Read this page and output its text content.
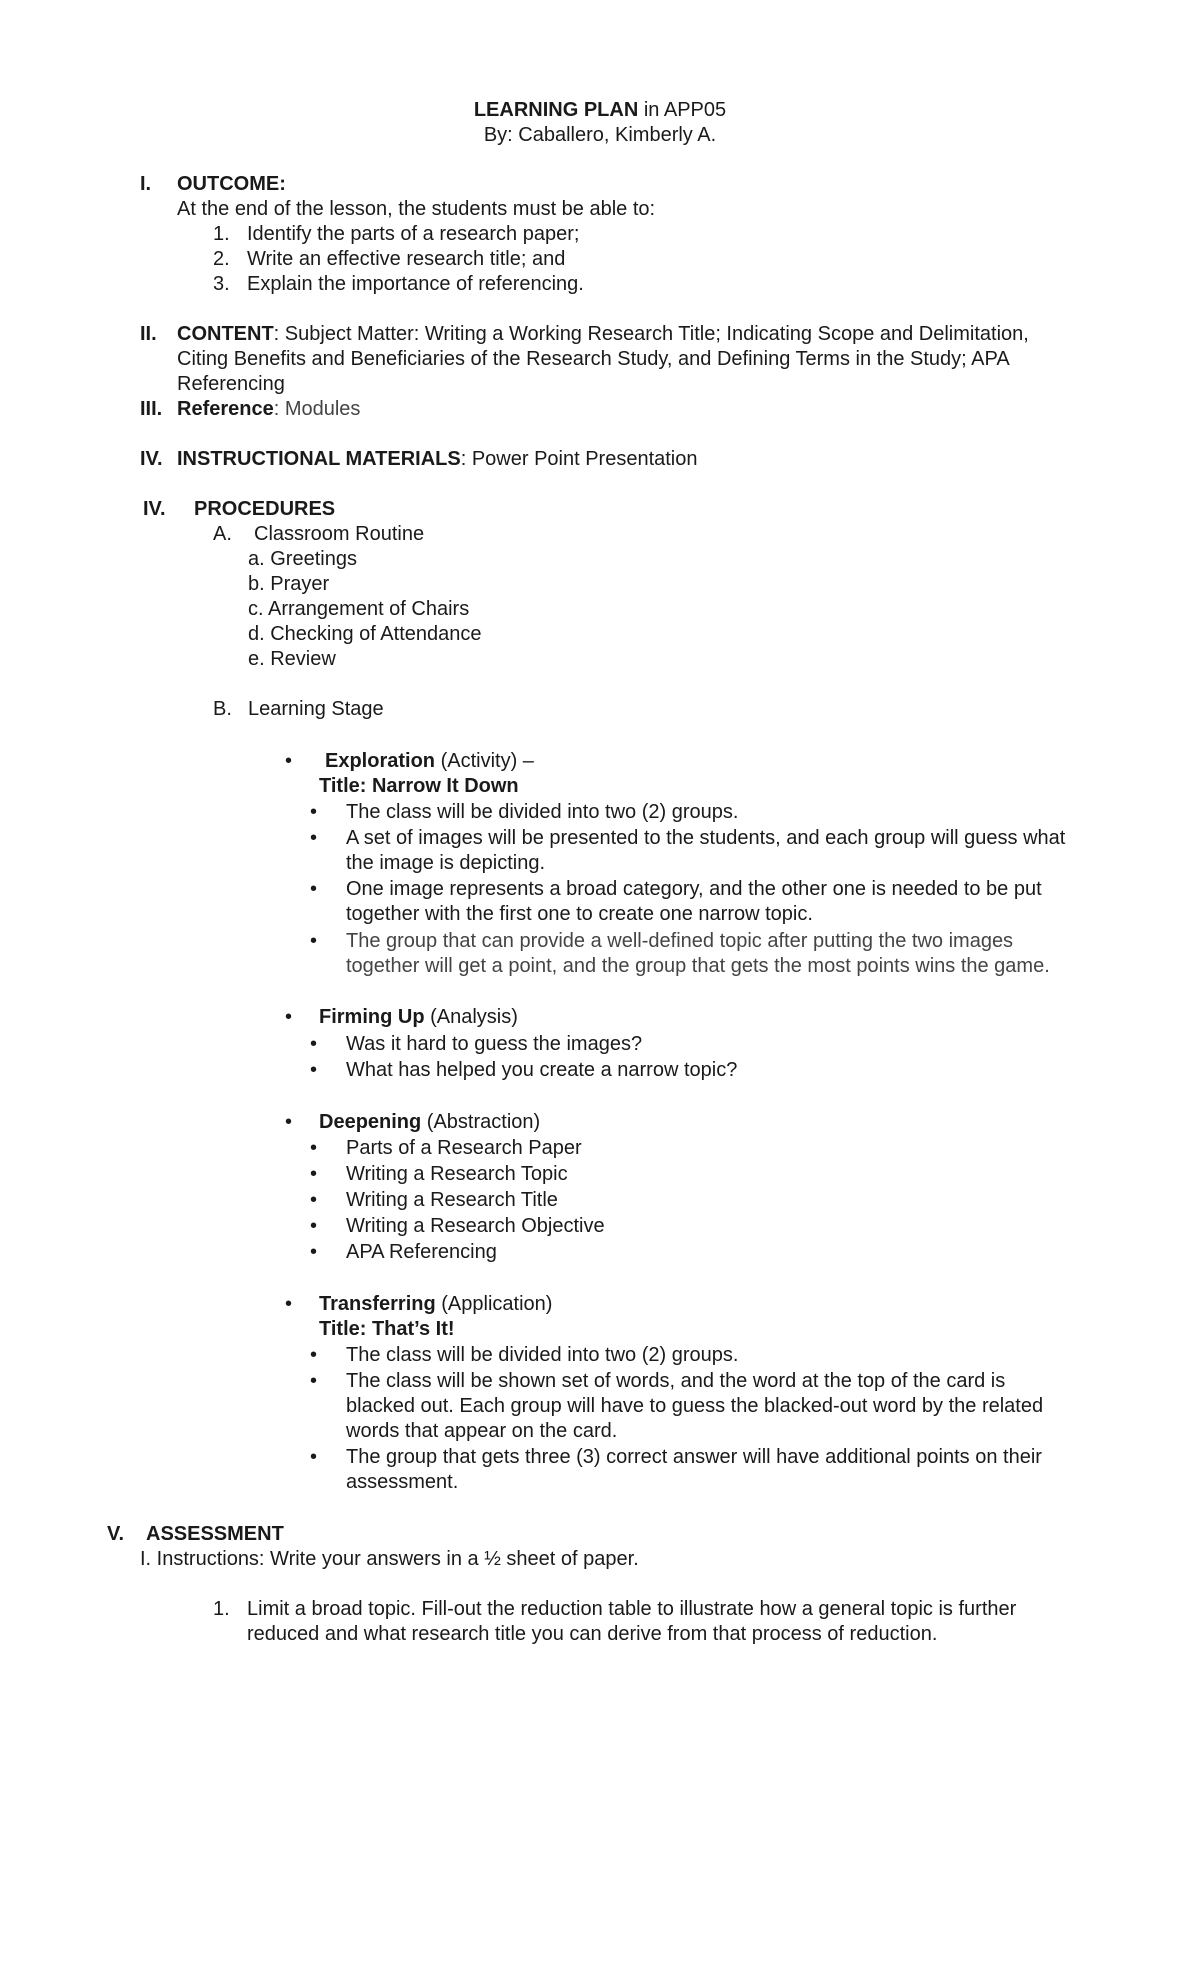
LEARNING PLAN in APP05
By: Caballero, Kimberly A.
I. OUTCOME:
At the end of the lesson, the students must be able to:
1. Identify the parts of a research paper;
2. Write an effective research title; and
3. Explain the importance of referencing.
II. CONTENT: Subject Matter: Writing a Working Research Title; Indicating Scope and Delimitation,
Citing Benefits and Beneficiaries of the Research Study, and Defining Terms in the Study; APA
Referencing
III. Reference: Modules
IV. INSTRUCTIONAL MATERIALS: Power Point Presentation
IV. PROCEDURES
A. Classroom Routine
a. Greetings
b. Prayer
c. Arrangement of Chairs
d. Checking of Attendance
e. Review
B. Learning Stage
• Exploration (Activity) –
Title: Narrow It Down
• The class will be divided into two (2) groups.
• A set of images will be presented to the students, and each group will guess what
the image is depicting.
• One image represents a broad category, and the other one is needed to be put
together with the first one to create one narrow topic.
• The group that can provide a well-defined topic after putting the two images
together will get a point, and the group that gets the most points wins the game.
• Firming Up (Analysis)
• Was it hard to guess the images?
• What has helped you create a narrow topic?
• Deepening (Abstraction)
• Parts of a Research Paper
• Writing a Research Topic
• Writing a Research Title
• Writing a Research Objective
• APA Referencing
• Transferring (Application)
Title: That’s It!
• The class will be divided into two (2) groups.
• The class will be shown set of words, and the word at the top of the card is
blacked out. Each group will have to guess the blacked-out word by the related
words that appear on the card.
• The group that gets three (3) correct answer will have additional points on their
assessment.
V. ASSESSMENT
I. Instructions: Write your answers in a ½ sheet of paper.
1. Limit a broad topic. Fill-out the reduction table to illustrate how a general topic is further
reduced and what research title you can derive from that process of reduction.
